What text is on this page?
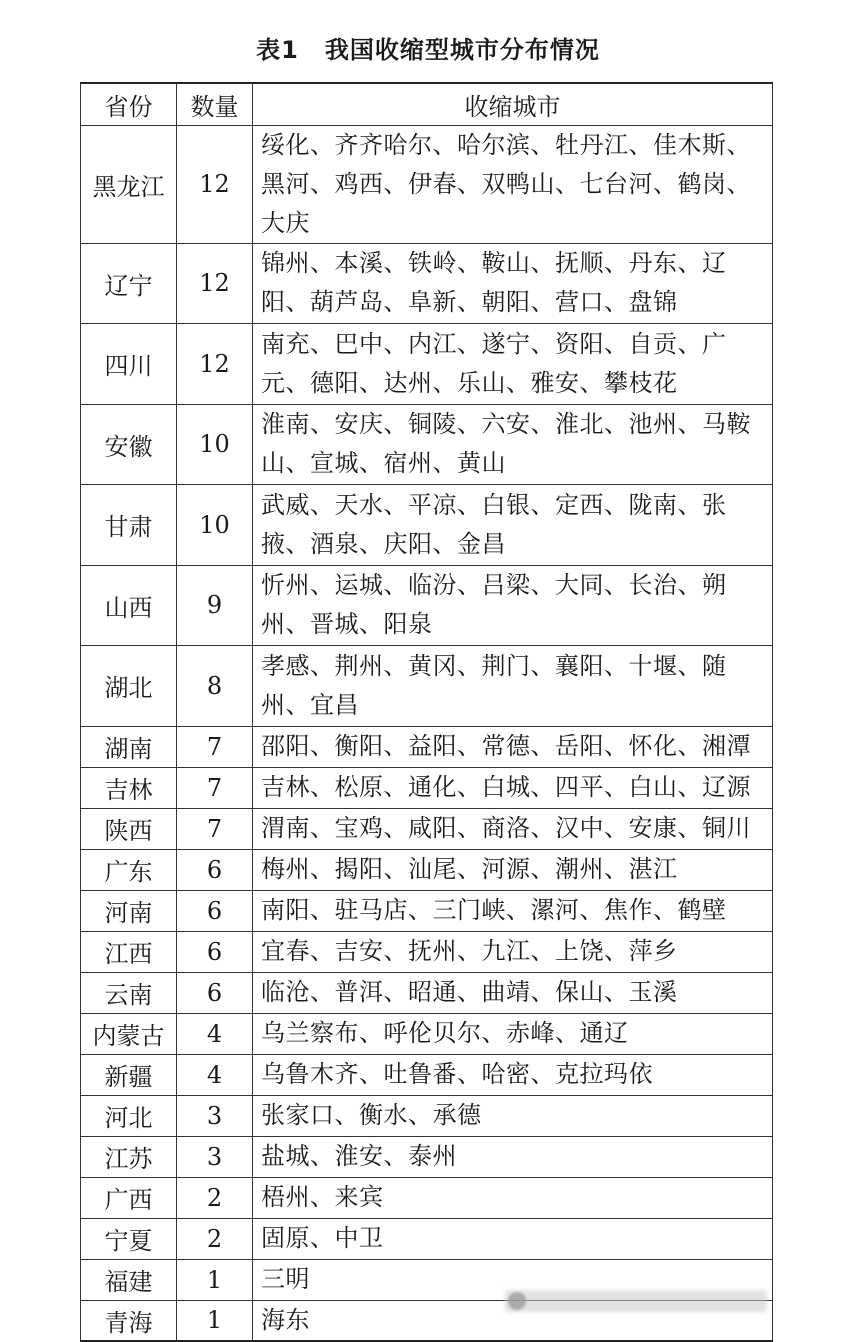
表1 我国收缩型城市分布情况
省份	数量	收缩城市
黑龙江	12	绥化、齐齐哈尔、哈尔滨、牡丹江、佳木斯、黑河、鸡西、伊春、双鸭山、七台河、鹤岗、大庆
辽宁	12	锦州、本溪、铁岭、鞍山、抚顺、丹东、辽阳、葫芦岛、阜新、朝阳、营口、盘锦
四川	12	南充、巴中、内江、遂宁、资阳、自贡、广元、德阳、达州、乐山、雅安、攀枝花
安徽	10	淮南、安庆、铜陵、六安、淮北、池州、马鞍山、宣城、宿州、黄山
甘肃	10	武威、天水、平凉、白银、定西、陇南、张掖、酒泉、庆阳、金昌
山西	9	忻州、运城、临汾、吕梁、大同、长治、朔州、晋城、阳泉
湖北	8	孝感、荆州、黄冈、荆门、襄阳、十堰、随州、宜昌
湖南	7	邵阳、衡阳、益阳、常德、岳阳、怀化、湘潭
吉林	7	吉林、松原、通化、白城、四平、白山、辽源
陕西	7	渭南、宝鸡、咸阳、商洛、汉中、安康、铜川
广东	6	梅州、揭阳、汕尾、河源、潮州、湛江
河南	6	南阳、驻马店、三门峡、漯河、焦作、鹤壁
江西	6	宜春、吉安、抚州、九江、上饶、萍乡
云南	6	临沧、普洱、昭通、曲靖、保山、玉溪
内蒙古	4	乌兰察布、呼伦贝尔、赤峰、通辽
新疆	4	乌鲁木齐、吐鲁番、哈密、克拉玛依
河北	3	张家口、衡水、承德
江苏	3	盐城、淮安、泰州
广西	2	梧州、来宾
宁夏	2	固原、中卫
福建	1	三明
青海	1	海东
